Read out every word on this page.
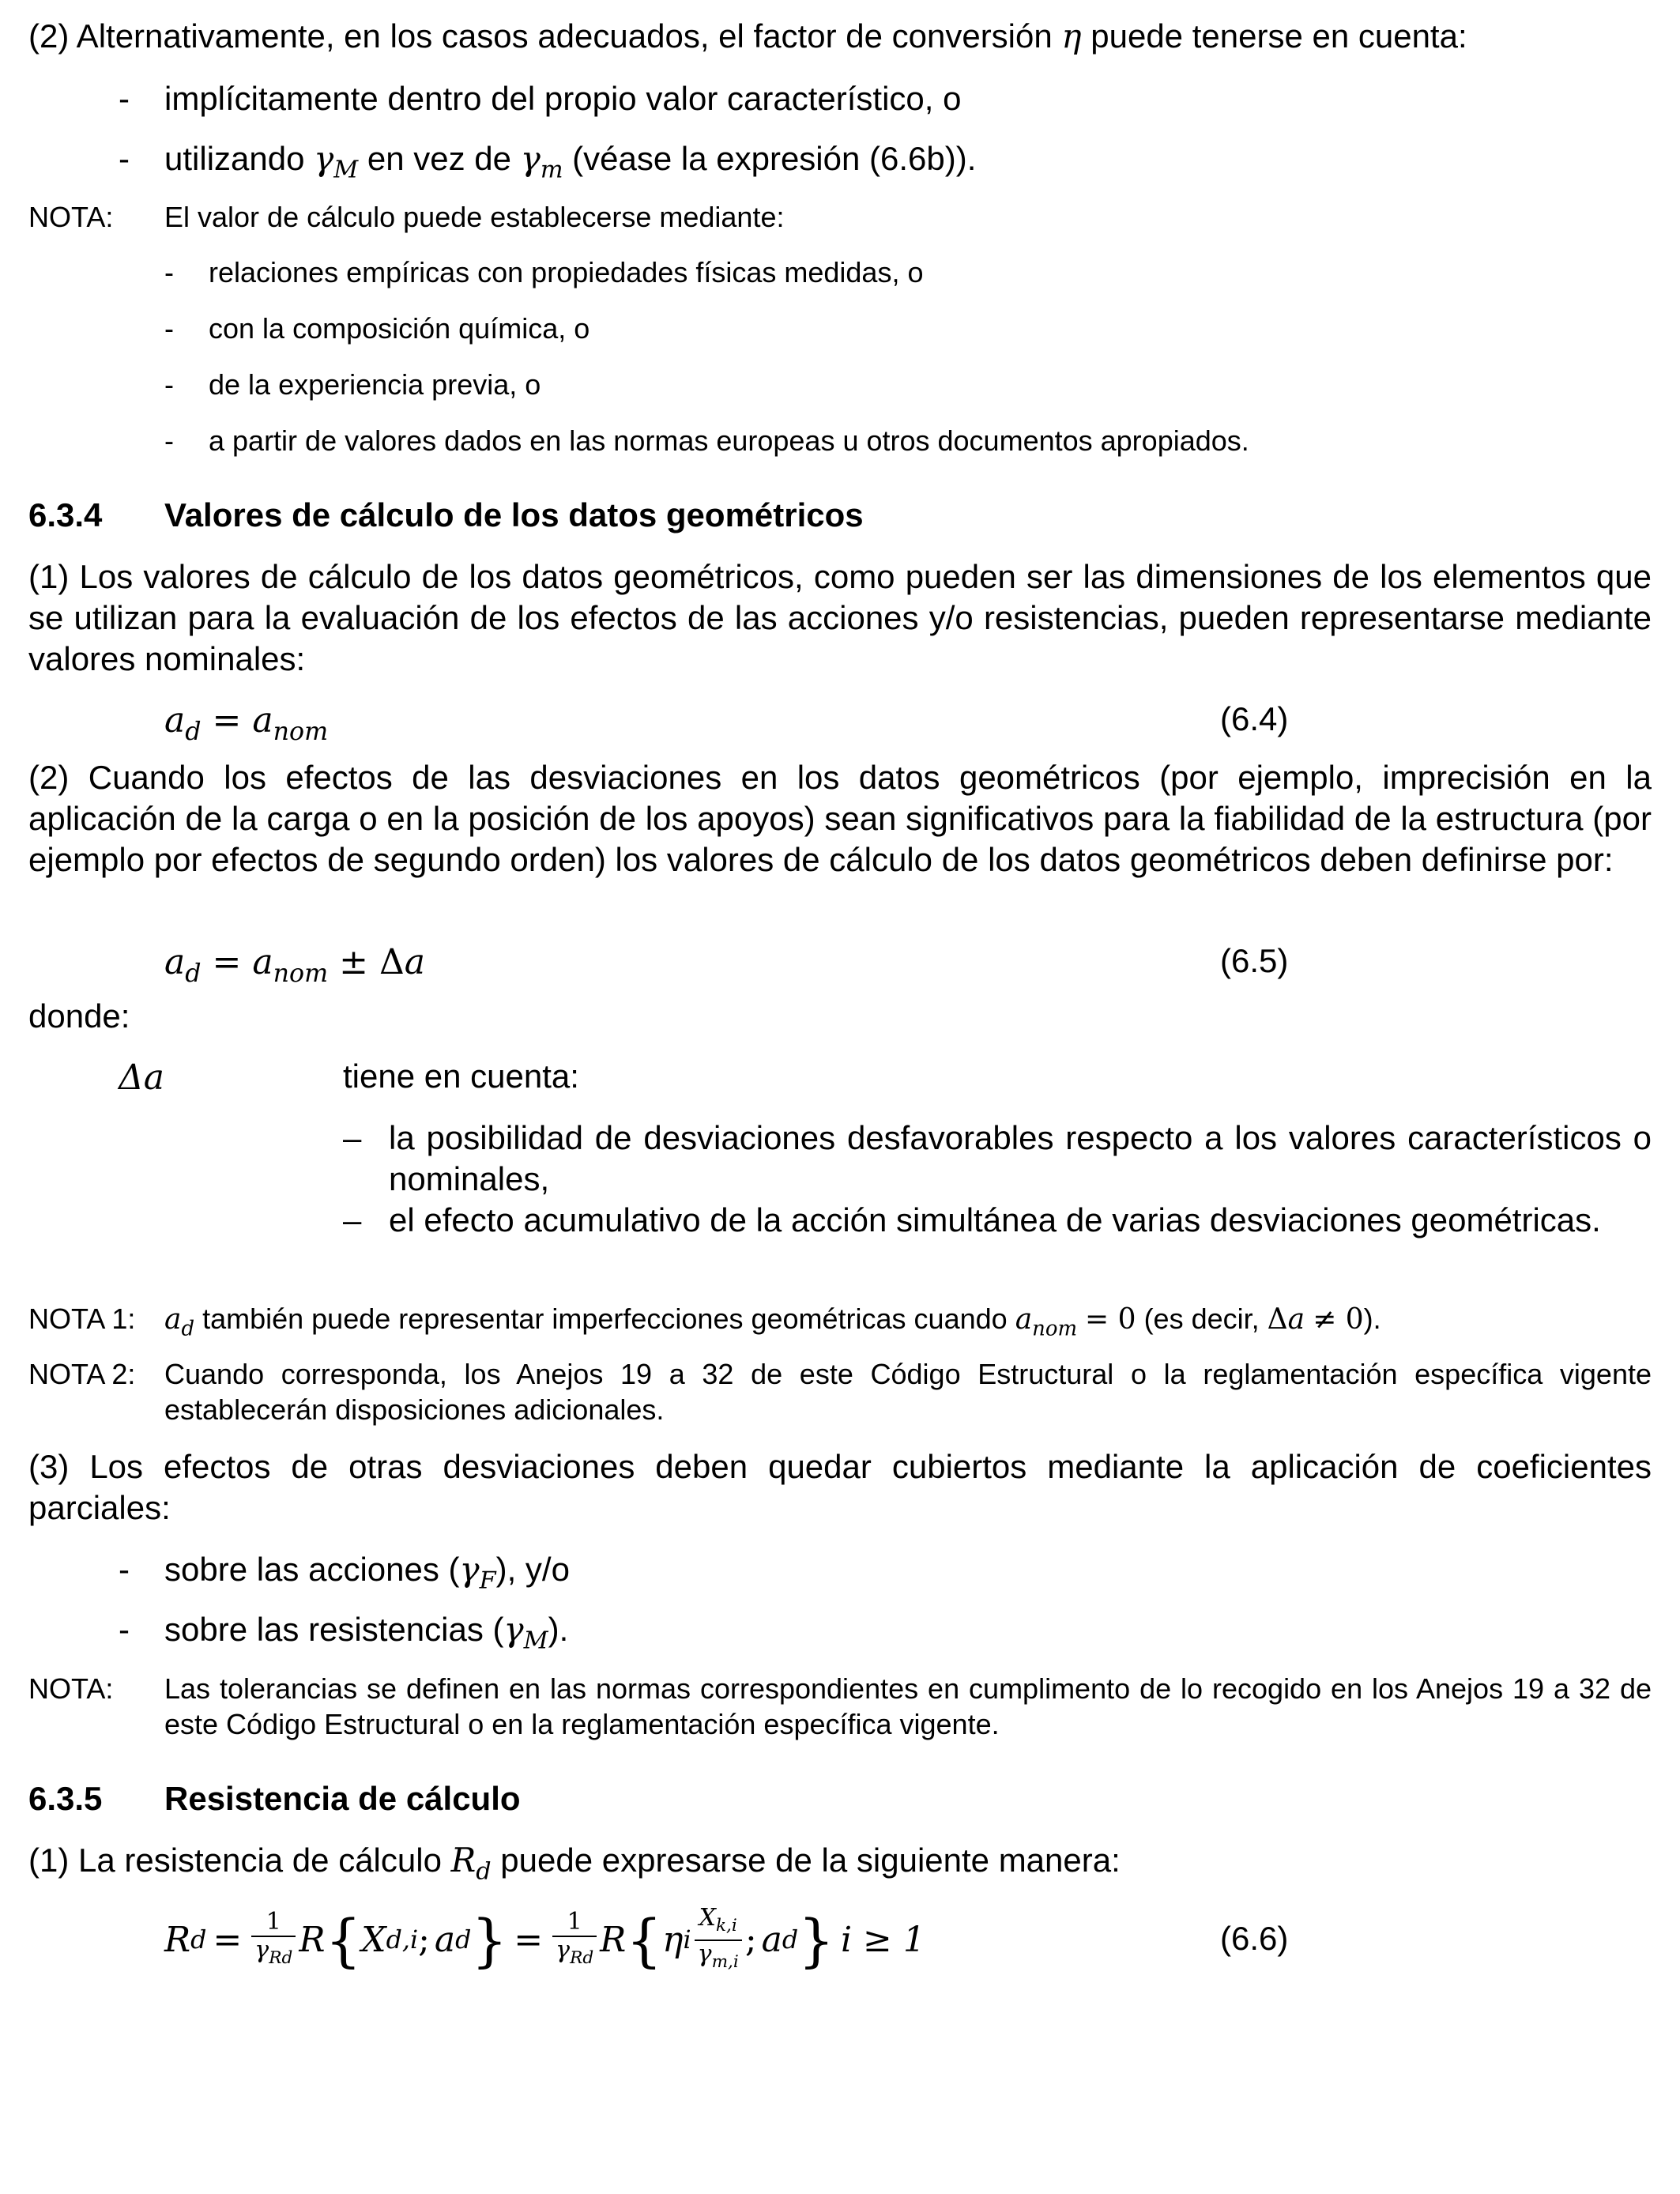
(2) Alternativamente, en los casos adecuados, el factor de conversión η puede tenerse en cuenta:
- implícitamente dentro del propio valor característico, o
- utilizando $\gamma_M$ en vez de $\gamma_m$ (véase la expresión (6.6b)).
NOTA: El valor de cálculo puede establecerse mediante:
- relaciones empíricas con propiedades físicas medidas, o
- con la composición química, o
- de la experiencia previa, o
- a partir de valores dados en las normas europeas u otros documentos apropiados.
6.3.4 Valores de cálculo de los datos geométricos
(1) Los valores de cálculo de los datos geométricos, como pueden ser las dimensiones de los elementos que se utilizan para la evaluación de los efectos de las acciones y/o resistencias, pueden representarse mediante valores nominales:
$a_d = a_{nom}$	(6.4)
(2) Cuando los efectos de las desviaciones en los datos geométricos (por ejemplo, imprecisión en la aplicación de la carga o en la posición de los apoyos) sean significativos para la fiabilidad de la estructura (por ejemplo por efectos de segundo orden) los valores de cálculo de los datos geométricos deben definirse por:
$a_d = a_{nom} \pm \Delta a$	(6.5)
donde:
Δa	tiene en cuenta:
– la posibilidad de desviaciones desfavorables respecto a los valores característicos o nominales,
– el efecto acumulativo de la acción simultánea de varias desviaciones geométricas.
NOTA 1: $a_d$ también puede representar imperfecciones geométricas cuando $a_{nom} = 0$ (es decir, Δa ≠ 0).
NOTA 2: Cuando corresponda, los Anejos 19 a 32 de este Código Estructural o la reglamentación específica vigente establecerán disposiciones adicionales.
(3) Los efectos de otras desviaciones deben quedar cubiertos mediante la aplicación de coeficientes parciales:
- sobre las acciones $(\gamma_F)$, y/o
- sobre las resistencias $(\gamma_M)$.
NOTA: Las tolerancias se definen en las normas correspondientes en cumplimento de lo recogido en los Anejos 19 a 32 de este Código Estructural o en la reglamentación específica vigente.
6.3.5 Resistencia de cálculo
(1) La resistencia de cálculo $R_d$ puede expresarse de la siguiente manera:
R $d = \frac{1}{\gamma_{Rd}}$ R { X d,i ; a d } = $\frac{1}{\gamma_{Rd}}$ R { η i $\frac{X_{k,i}}{\gamma_{m,i}}$ ; a d } i ≥ 1	(6.6)
